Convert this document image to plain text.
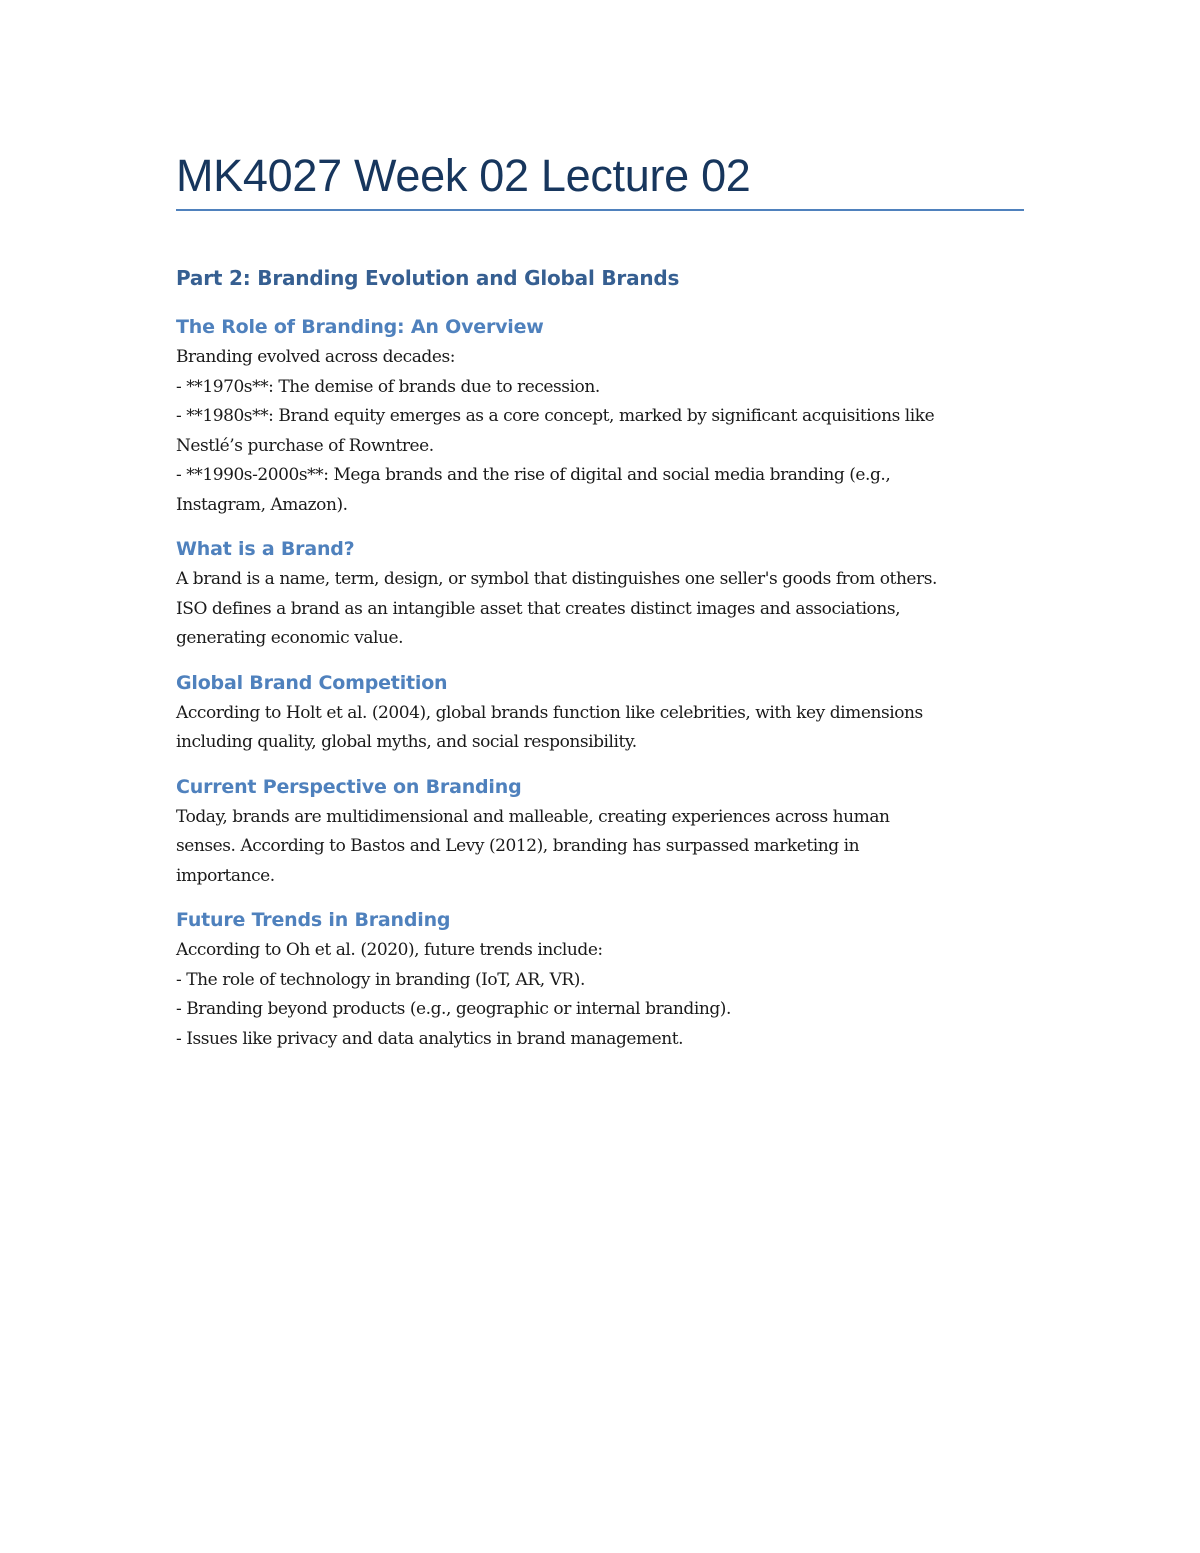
MK4027 Week 02 Lecture 02
Part 2: Branding Evolution and Global Brands
The Role of Branding: An Overview

Branding evolved across decades:

- **1970s**: The demise of brands due to recession.

- **1980s**: Brand equity emerges as a core concept, marked by significant acquisitions like

Nestlé’s purchase of Rowntree.

- **1990s-2000s**: Mega brands and the rise of digital and social media branding (e.g.,

Instagram, Amazon).

What is a Brand?

A brand is a name, term, design, or symbol that distinguishes one seller's goods from others.

ISO defines a brand as an intangible asset that creates distinct images and associations,

generating economic value.

Global Brand Competition

According to Holt et al. (2004), global brands function like celebrities, with key dimensions

including quality, global myths, and social responsibility.

Current Perspective on Branding

Today, brands are multidimensional and malleable, creating experiences across human

senses. According to Bastos and Levy (2012), branding has surpassed marketing in

importance.

Future Trends in Branding

According to Oh et al. (2020), future trends include:

- The role of technology in branding (IoT, AR, VR).

- Branding beyond products (e.g., geographic or internal branding).

- Issues like privacy and data analytics in brand management.
